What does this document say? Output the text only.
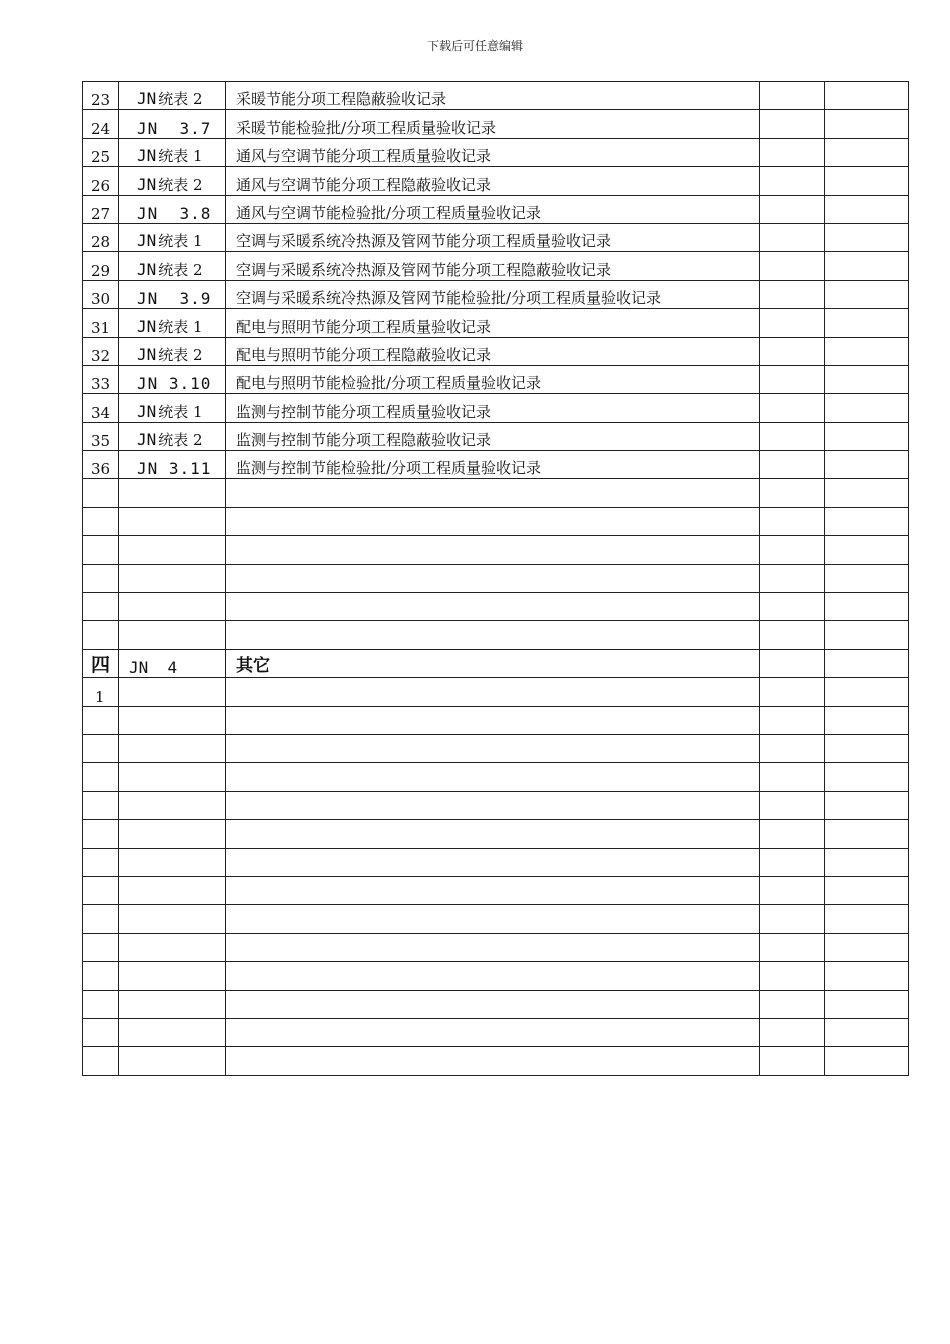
下载后可任意编辑
23	JN 统表 2	采暖节能分项工程隐蔽验收记录		
24	JN  3.7	采暖节能检验批/分项工程质量验收记录		
25	JN 统表 1	通风与空调节能分项工程质量验收记录		
26	JN 统表 2	通风与空调节能分项工程隐蔽验收记录		
27	JN  3.8	通风与空调节能检验批/分项工程质量验收记录		
28	JN 统表 1	空调与采暖系统冷热源及管网节能分项工程质量验收记录		
29	JN 统表 2	空调与采暖系统冷热源及管网节能分项工程隐蔽验收记录		
30	JN  3.9	空调与采暖系统冷热源及管网节能检验批/分项工程质量验收记录		
31	JN 统表 1	配电与照明节能分项工程质量验收记录		
32	JN 统表 2	配电与照明节能分项工程隐蔽验收记录		
33	JN 3.10	配电与照明节能检验批/分项工程质量验收记录		
34	JN 统表 1	监测与控制节能分项工程质量验收记录		
35	JN 统表 2	监测与控制节能分项工程隐蔽验收记录		
36	JN 3.11	监测与控制节能检验批/分项工程质量验收记录		

四	JN  4	其它		
1				
